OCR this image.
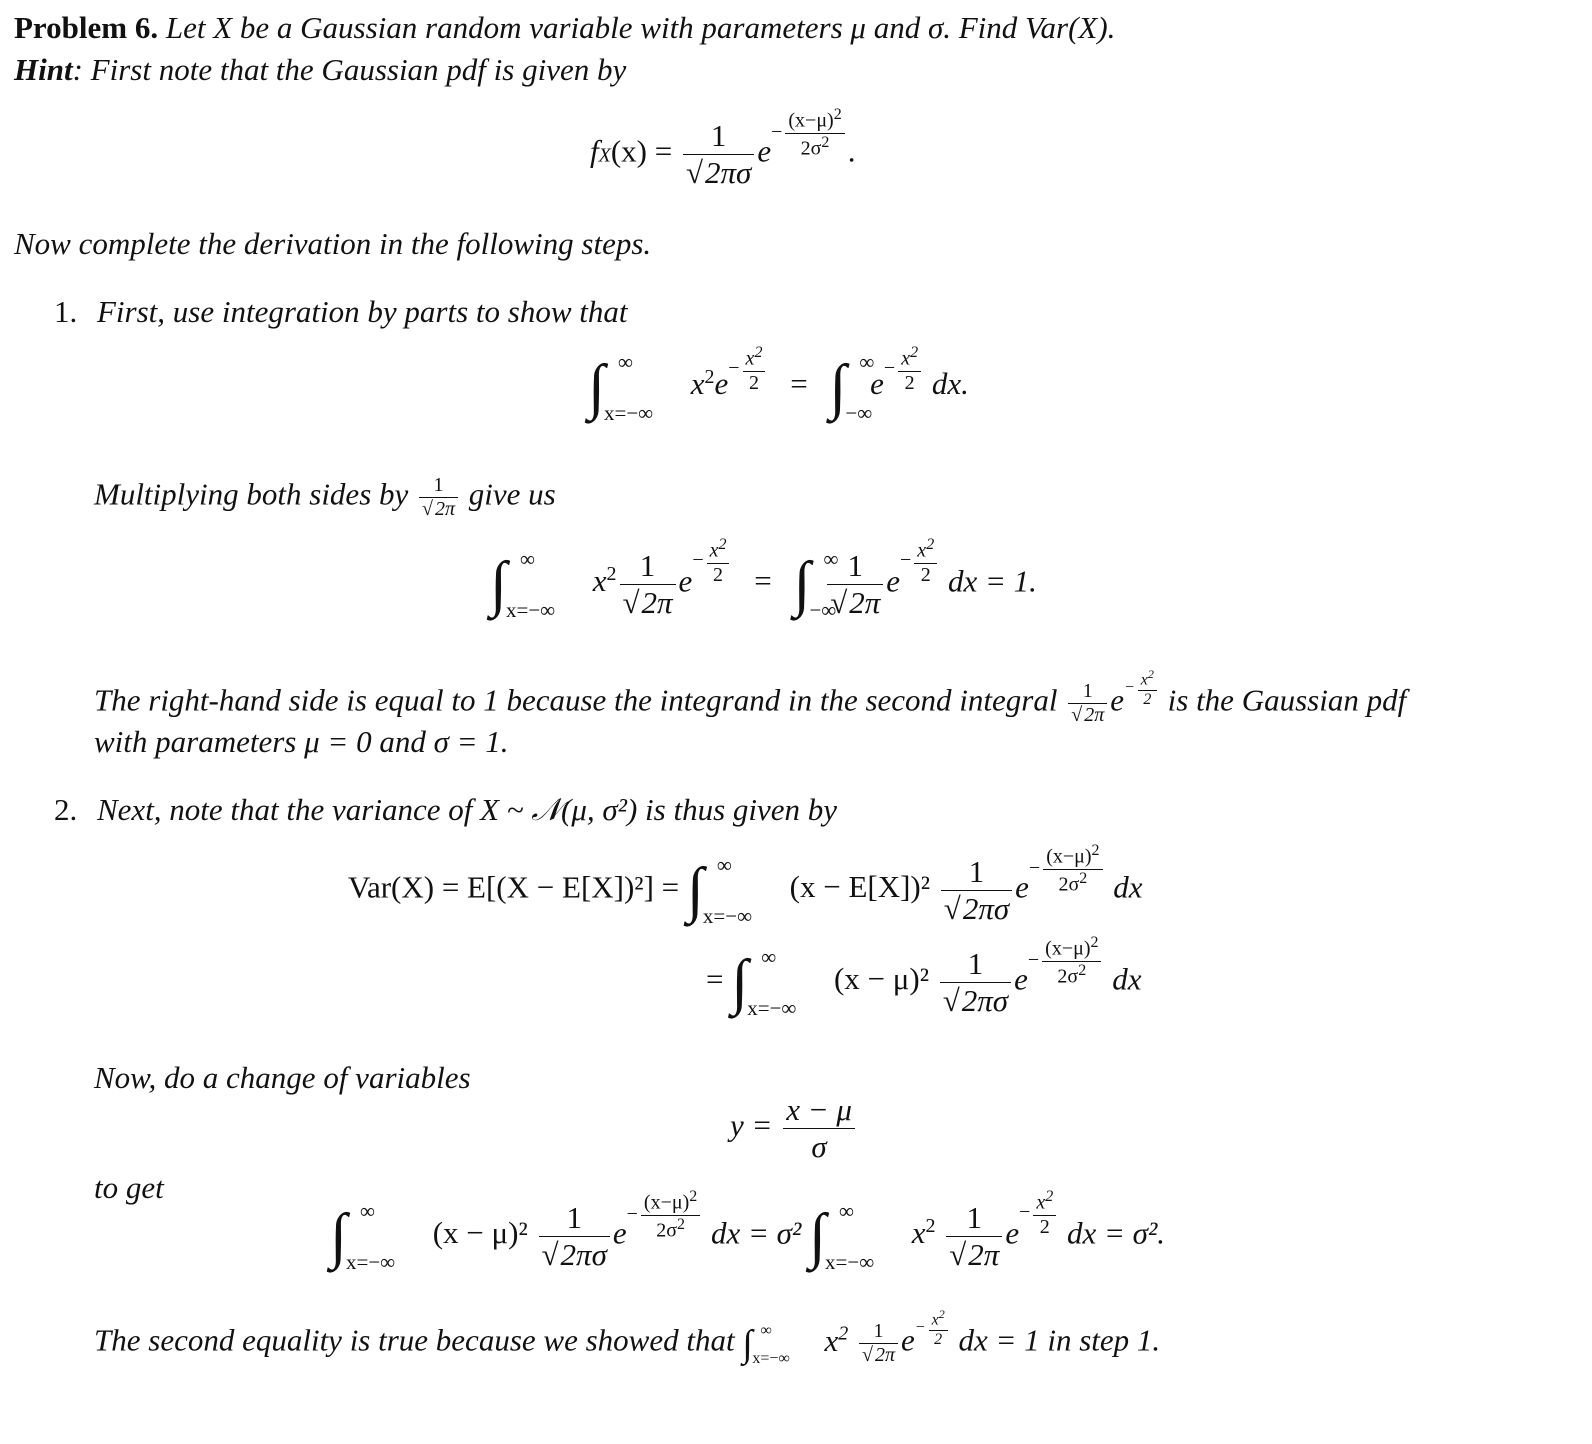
Problem 6. Let X be a Gaussian random variable with parameters μ and σ. Find Var(X).
Hint: First note that the Gaussian pdf is given by
$fX(x) = \frac{1}{√2\pi\sigma} e- \frac{(x-\mu)^2}{2\sigma^2}$ .
Now complete the derivation in the following steps.
1. First, use integration by parts to show that
∫ ∞
x=−∞
$x^2e- \frac{x^2}{2}$ = ∫ ∞
−∞
$e- \frac{x^2}{2}$ dx.
Multiplying both sides by $\frac{1}{√ 2\pi}$ give us
∫ ∞
x=−∞
$x^2 \frac{1}{√2\pi} e- \frac{x^2}{2}$ = ∫ ∞
−∞

$\frac{1}{√2\pi} e- \frac{x^2}{2}$ dx = 1.
The right-hand side is equal to 1 because the integrand in the second integral $\frac{1}{√ 2\pi} e- \frac{x^2}{2}$ is the Gaussian pdf
with parameters μ = 0 and σ = 1.
2. Next, note that the variance of X ~ 𝒩(μ, σ²) is thus given by
Var(X) = E[(X − E[X])²] = ∫ ∞
x=−∞
$(x - E[X])^2 \frac{1}{√2\pi\sigma} e- \frac{(x-\mu)^2}{2\sigma^2}$ dx
= ∫ ∞
x=−∞
$(x - \mu)^2 \frac{1}{√2\pi\sigma} e- \frac{(x-\mu)^2}{2\sigma^2}$ dx
Now, do a change of variables
$y = \frac{x - \mu}{\sigma}$
to get
∫ ∞
x=−∞
$(x - \mu)^2 \frac{1}{√2\pi\sigma} e- \frac{(x-\mu)^2}{2\sigma^2}$ dx = σ² ∫ ∞
x=−∞
$x^2 \frac{1}{√2\pi} e- \frac{x^2}{2}$ dx = σ².
The second equality is true because we showed that ∫ ∞
x=−∞
$x^2 \frac{1}{√ 2\pi} e- \frac{x^2}{2}$ dx = 1 in step 1.
